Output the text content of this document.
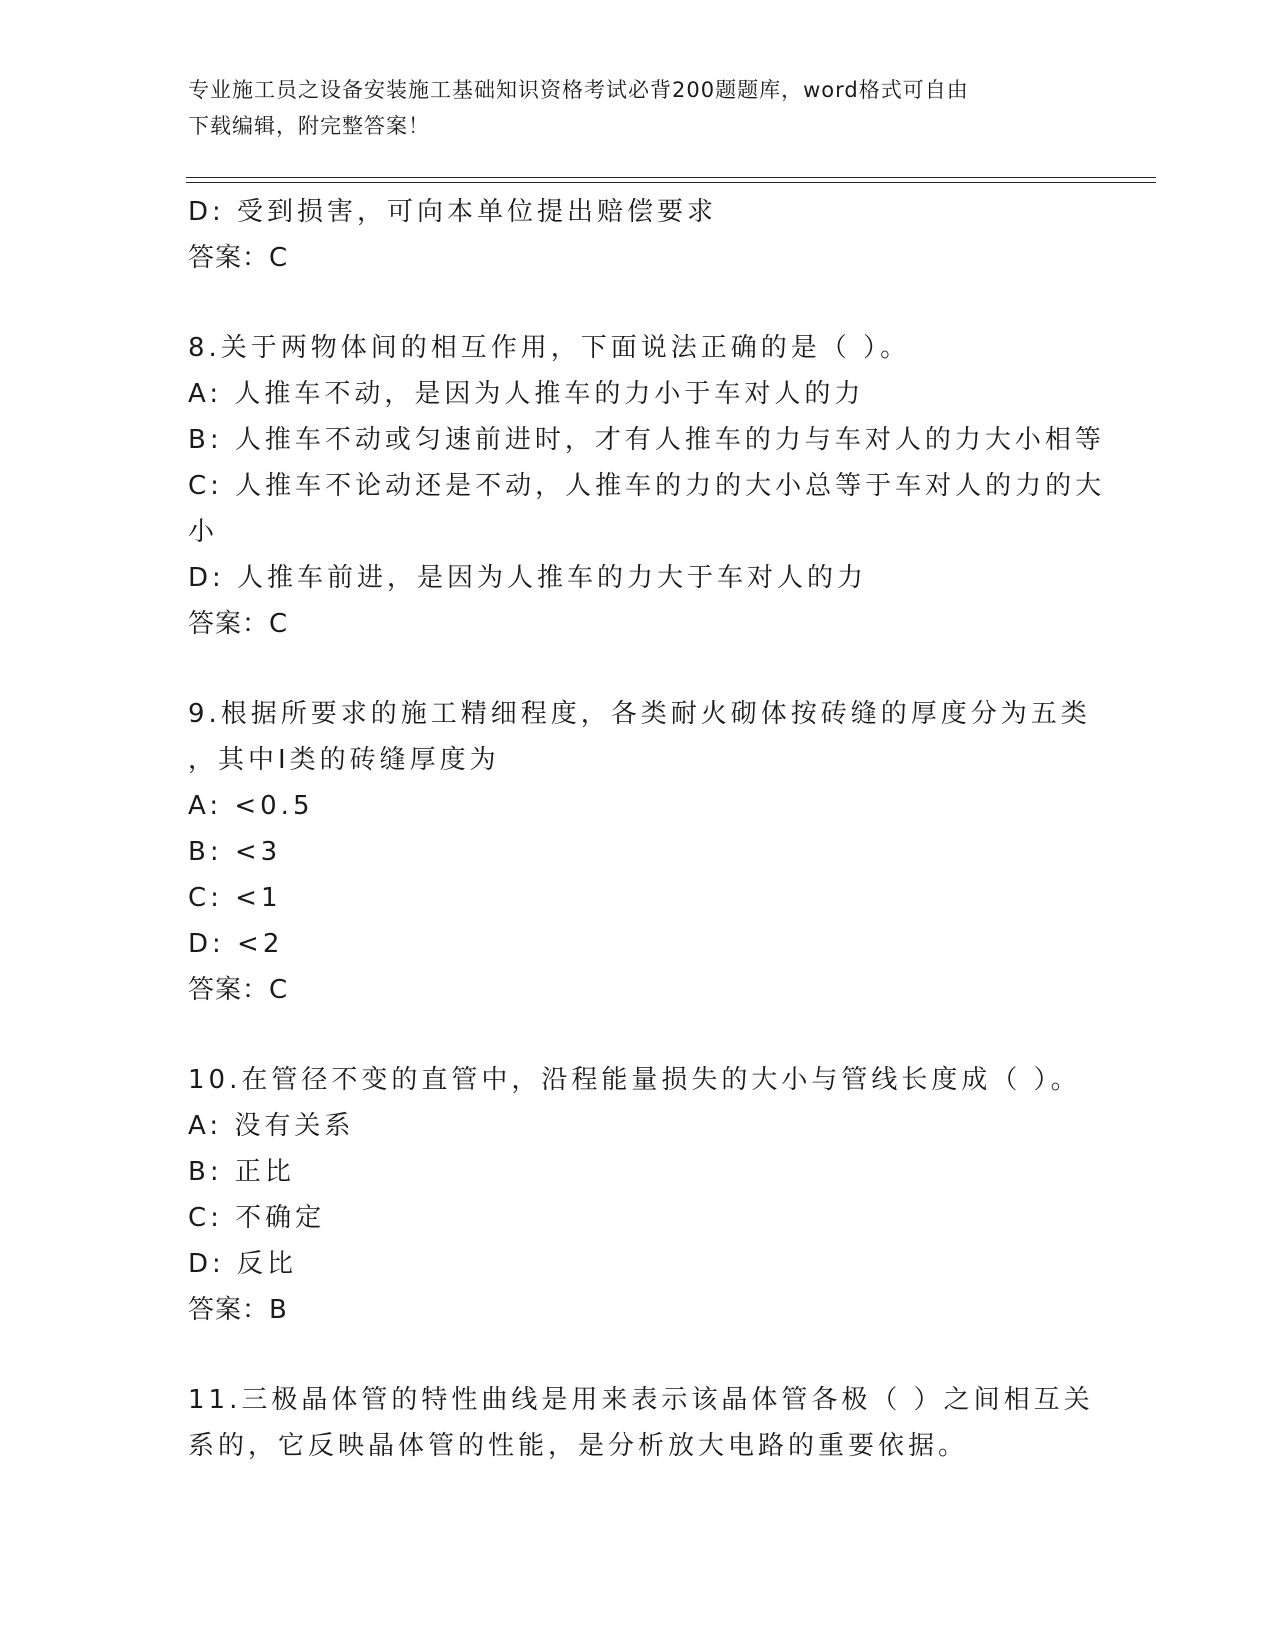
专业施工员之设备安装施工基础知识资格考试必背200题题库，word格式可自由
下载编辑，附完整答案！
D: 受到损害，可向本单位提出赔偿要求
答案：C
8.关于两物体间的相互作用，下面说法正确的是（ ）。
A: 人推车不动，是因为人推车的力小于车对人的力
B: 人推车不动或匀速前进时，才有人推车的力与车对人的力大小相等
C: 人推车不论动还是不动，人推车的力的大小总等于车对人的力的大
小
D: 人推车前进，是因为人推车的力大于车对人的力
答案：C
9.根据所要求的施工精细程度，各类耐火砌体按砖缝的厚度分为五类
，其中Ⅰ类的砖缝厚度为
A: <0.5
B: <3
C: <1
D: <2
答案：C
10.在管径不变的直管中，沿程能量损失的大小与管线长度成（ ）。
A: 没有关系
B: 正比
C: 不确定
D: 反比
答案：B
11.三极晶体管的特性曲线是用来表示该晶体管各极（ ）之间相互关
系的，它反映晶体管的性能，是分析放大电路的重要依据。
